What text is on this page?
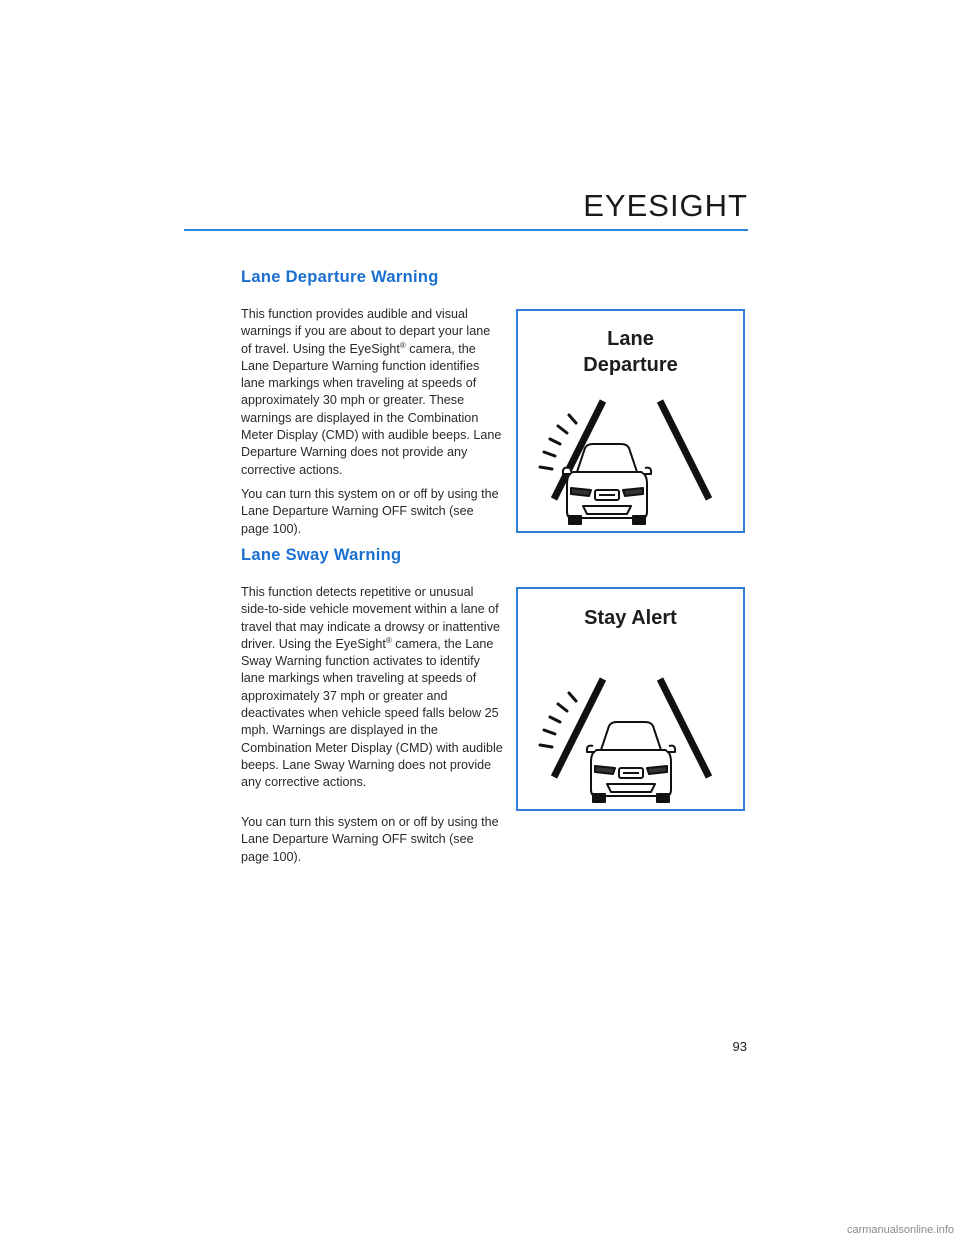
EYESIGHT
Lane Departure Warning

This function provides audible and visual warnings if you are about to depart your lane of travel. Using the EyeSight® camera, the Lane Departure Warning function identifies lane markings when traveling at speeds of approximately 30 mph or greater. These warnings are displayed in the Combination Meter Display (CMD) with audible beeps. Lane Departure Warning does not provide any corrective actions.

You can turn this system on or off by using the Lane Departure Warning OFF switch (see page 100).

Lane
Departure

Lane Sway Warning

This function detects repetitive or unusual side-to-side vehicle movement within a lane of travel that may indicate a drowsy or inattentive driver. Using the EyeSight® camera, the Lane Sway Warning function activates to identify lane markings when traveling at speeds of approximately 37 mph or greater and deactivates when vehicle speed falls below 25 mph. Warnings are displayed in the Combination Meter Display (CMD) with audible beeps. Lane Sway Warning does not provide any corrective actions.

You can turn this system on or off by using the Lane Departure Warning OFF switch (see page 100).

Stay Alert

93
carmanualsonline.info
